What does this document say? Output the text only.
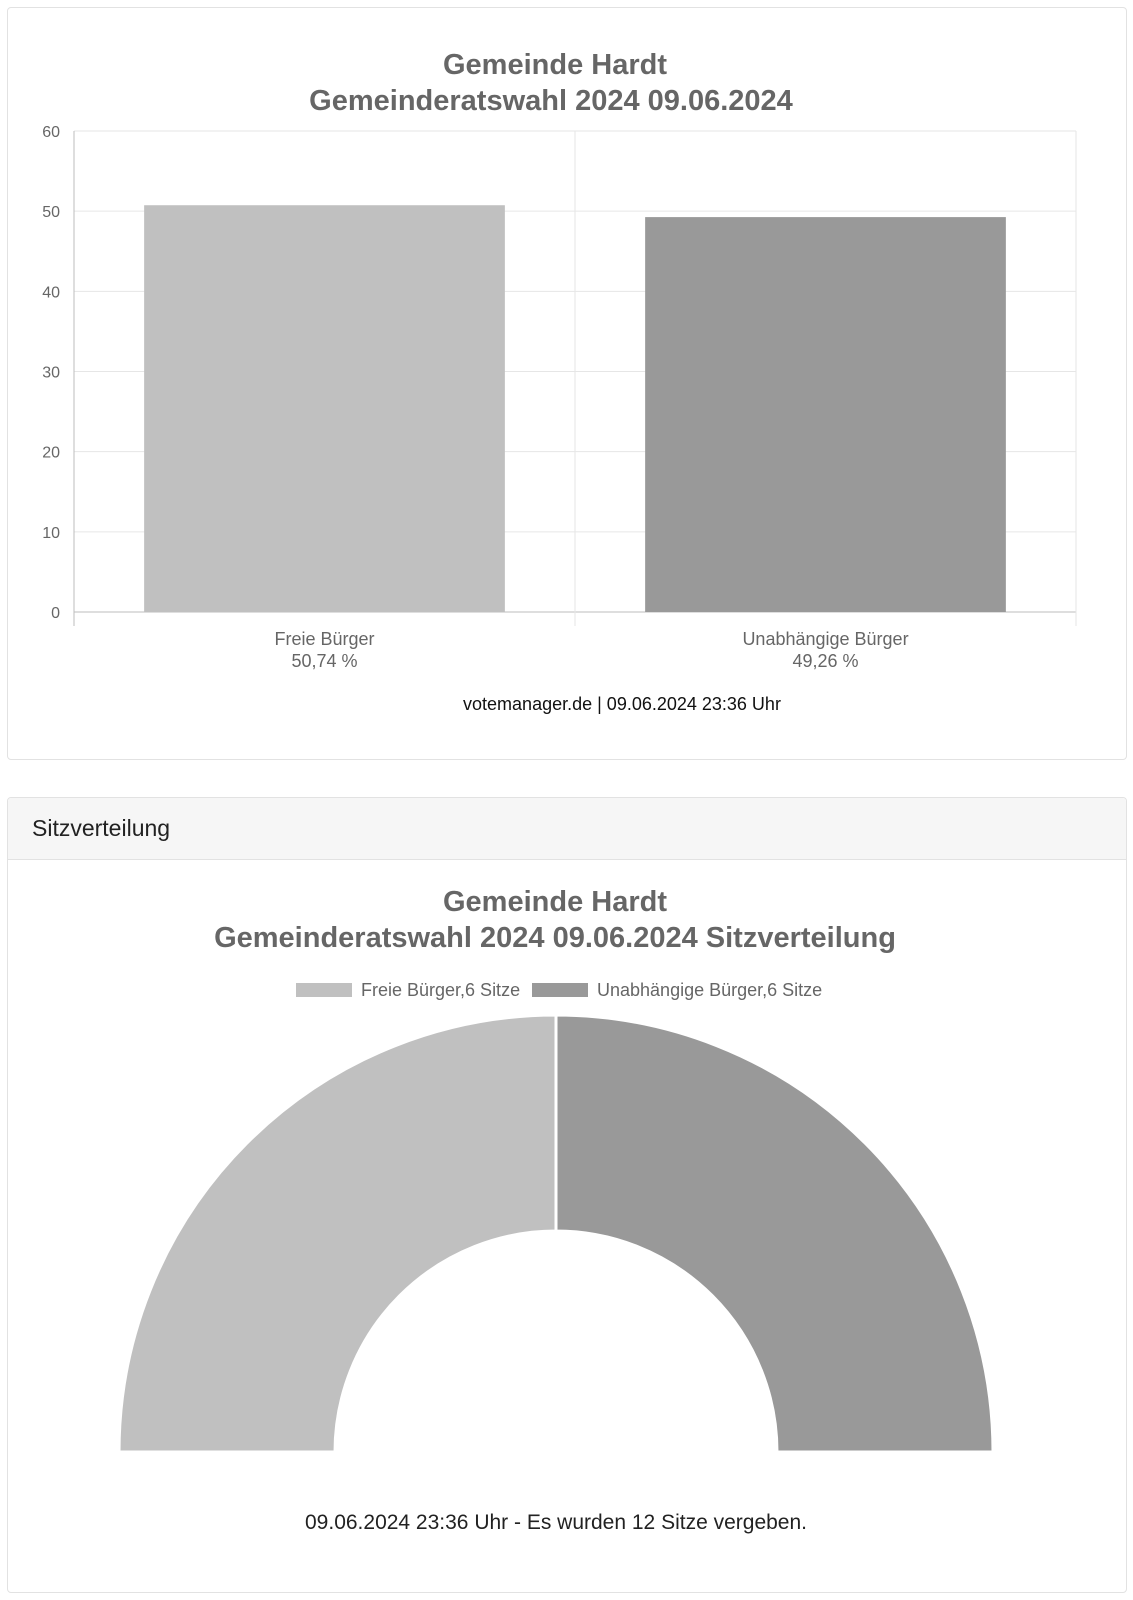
Gemeinde Hardt
Gemeinderatswahl 2024 09.06.2024
0
10
20
30
40
50
60
Freie Bürger
50,74 %
Unabhängige Bürger
49,26 %
votemanager.de | 09.06.2024 23:36 Uhr
Sitzverteilung
Gemeinde Hardt
Gemeinderatswahl 2024 09.06.2024 Sitzverteilung
Freie Bürger,6 Sitze	Unabhängige Bürger,6 Sitze
09.06.2024 23:36 Uhr - Es wurden 12 Sitze vergeben.
